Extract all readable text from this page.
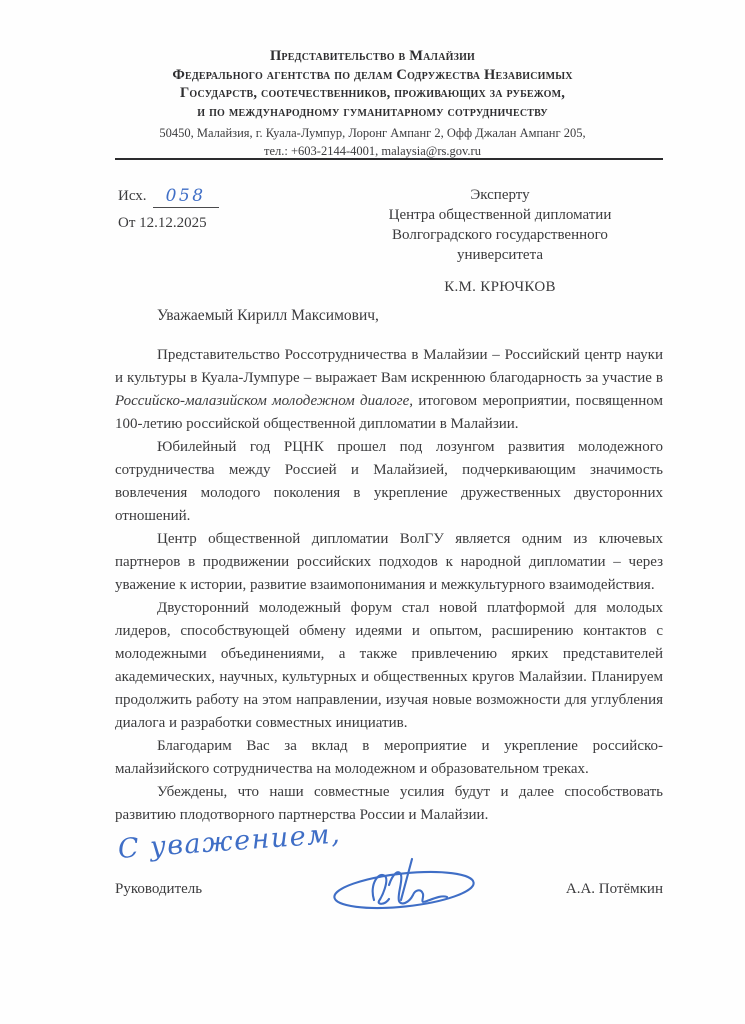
Представительство в Малайзии
Федерального агентства по делам Содружества Независимых
Государств, соотечественников, проживающих за рубежом,
и по международному гуманитарному сотрудничеству
50450, Малайзия, г. Куала-Лумпур, Лоронг Ампанг 2, Офф Джалан Ампанг 205,
тел.: +603-2144-4001, malaysia@rs.gov.ru
Исх. 058
От 12.12.2025
Эксперту
Центра общественной дипломатии
Волгоградского государственного
университета
К.М. КРЮЧКОВ
Уважаемый Кирилл Максимович,

Представительство Россотрудничества в Малайзии – Российский центр науки и культуры в Куала-Лумпуре – выражает Вам искреннюю благодарность за участие в Российско-малазийском молодежном диалоге, итоговом мероприятии, посвященном 100-летию российской общественной дипломатии в Малайзии.

Юбилейный год РЦНК прошел под лозунгом развития молодежного сотрудничества между Россией и Малайзией, подчеркивающим значимость вовлечения молодого поколения в укрепление дружественных двусторонних отношений.

Центр общественной дипломатии ВолГУ является одним из ключевых партнеров в продвижении российских подходов к народной дипломатии – через уважение к истории, развитие взаимопонимания и межкультурного взаимодействия.

Двусторонний молодежный форум стал новой платформой для молодых лидеров, способствующей обмену идеями и опытом, расширению контактов с молодежными объединениями, а также привлечению ярких представителей академических, научных, культурных и общественных кругов Малайзии. Планируем продолжить работу на этом направлении, изучая новые возможности для углубления диалога и разработки совместных инициатив.

Благодарим Вас за вклад в мероприятие и укрепление российско-малайзийского сотрудничества на молодежном и образовательном треках.

Убеждены, что наши совместные усилия будут и далее способствовать развитию плодотворного партнерства России и Малайзии.

С уважением,
Руководитель	А.А. Потёмкин
